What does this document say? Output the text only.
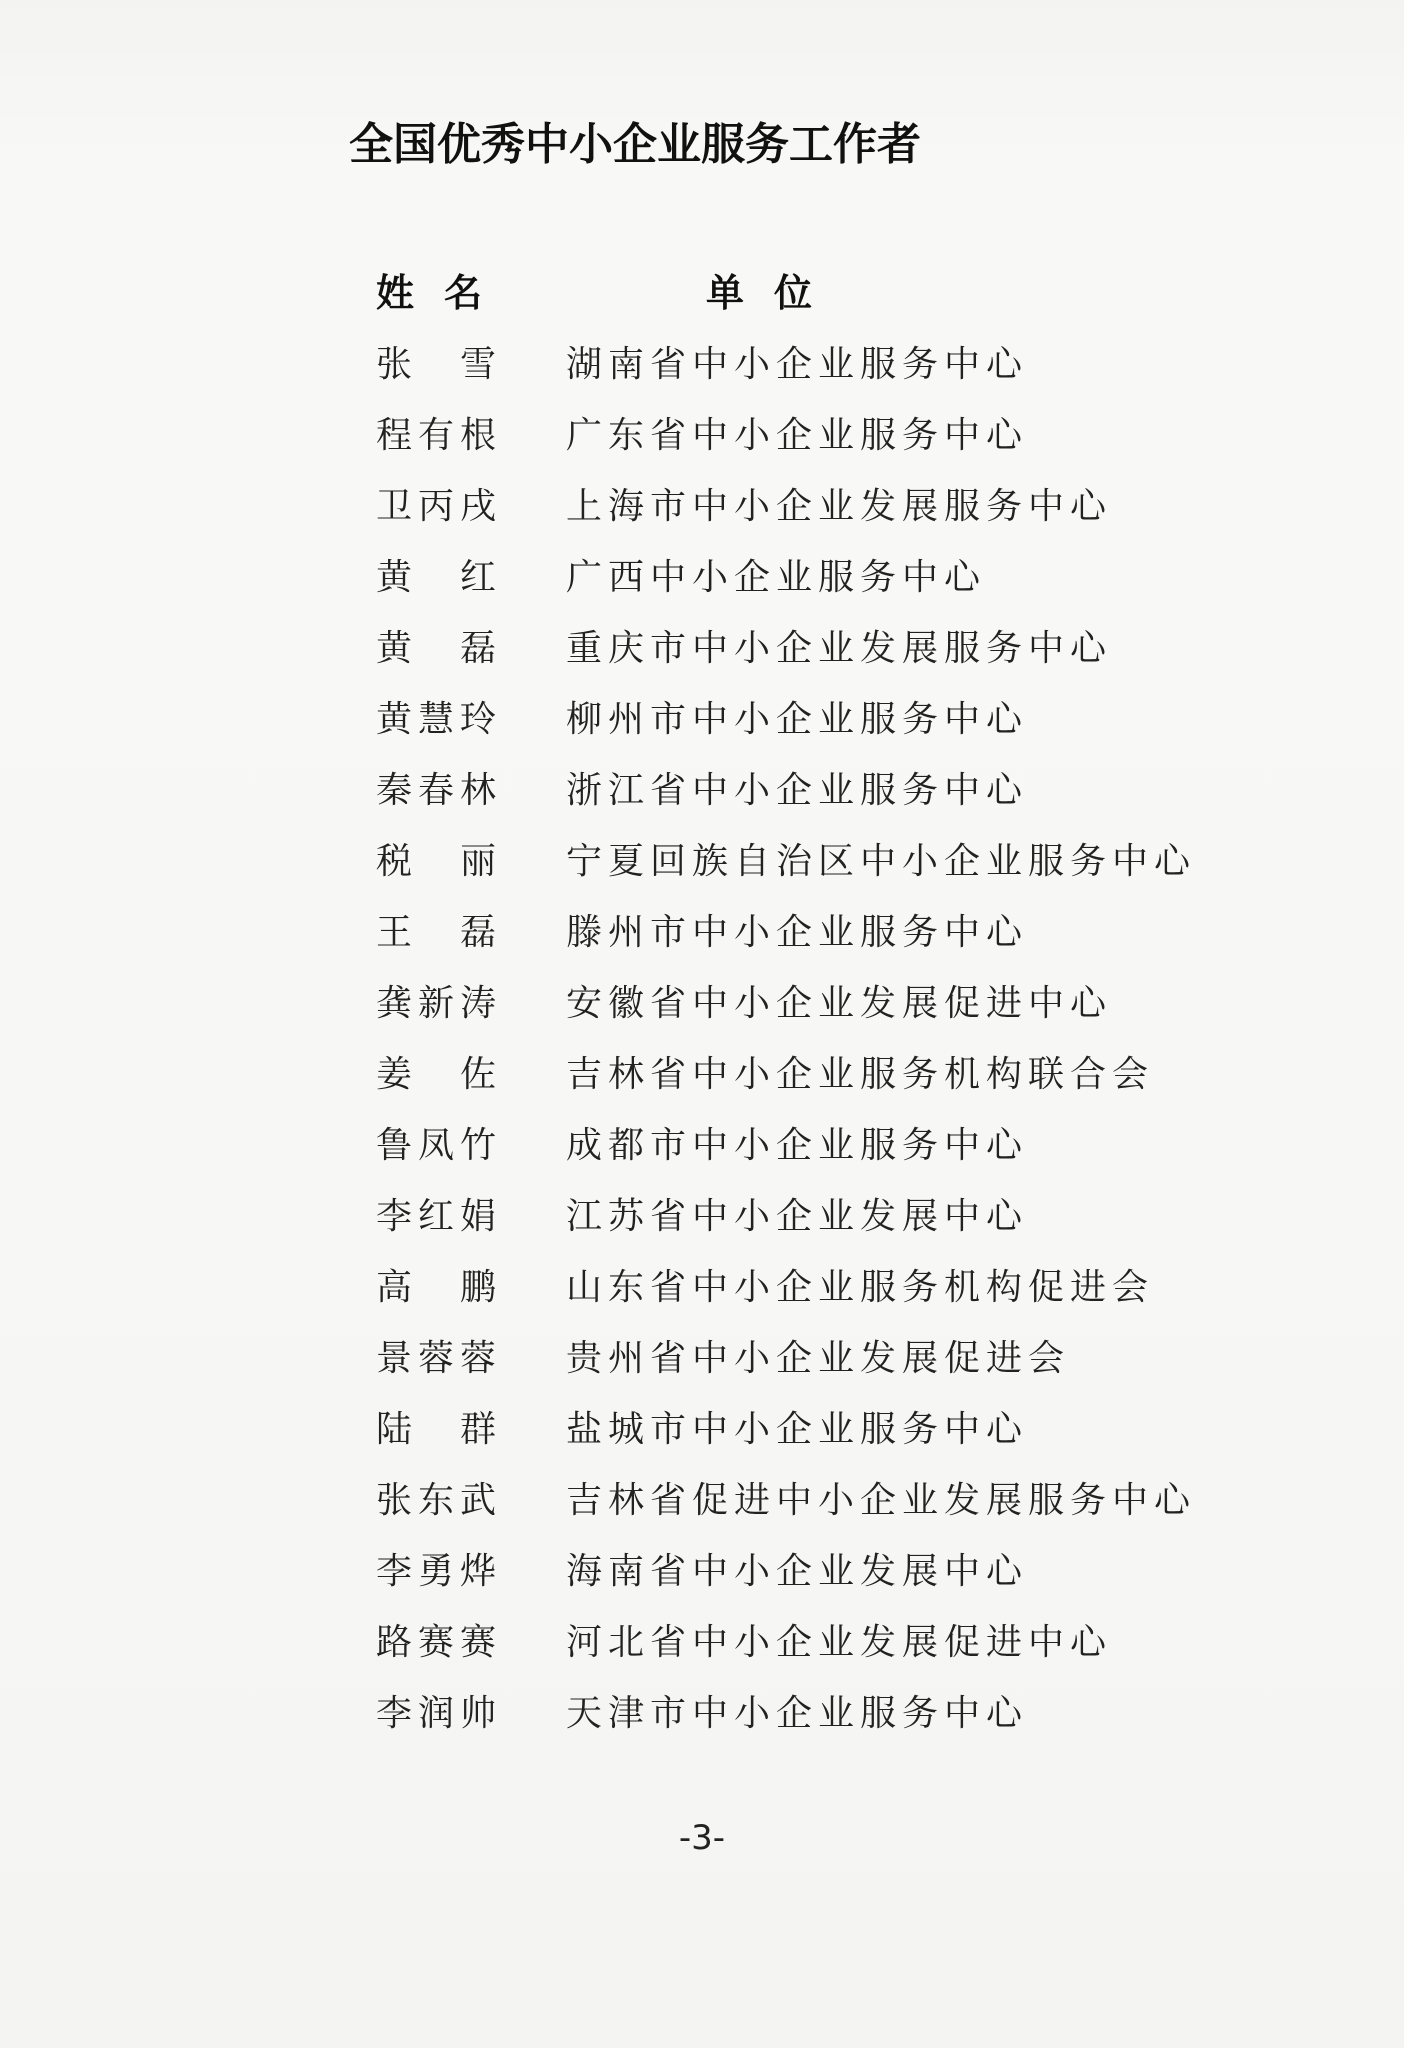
全国优秀中小企业服务工作者
姓名	单位
张 雪 湖南省中小企业服务中心
程有根 广东省中小企业服务中心
卫丙戌 上海市中小企业发展服务中心
黄 红 广西中小企业服务中心
黄 磊 重庆市中小企业发展服务中心
黄慧玲 柳州市中小企业服务中心
秦春林 浙江省中小企业服务中心
税 丽 宁夏回族自治区中小企业服务中心
王 磊 滕州市中小企业服务中心
龚新涛 安徽省中小企业发展促进中心
姜 佐 吉林省中小企业服务机构联合会
鲁凤竹 成都市中小企业服务中心
李红娟 江苏省中小企业发展中心
高 鹏 山东省中小企业服务机构促进会
景蓉蓉 贵州省中小企业发展促进会
陆 群 盐城市中小企业服务中心
张东武 吉林省促进中小企业发展服务中心
李勇烨 海南省中小企业发展中心
路赛赛 河北省中小企业发展促进中心
李润帅 天津市中小企业服务中心
-3-
